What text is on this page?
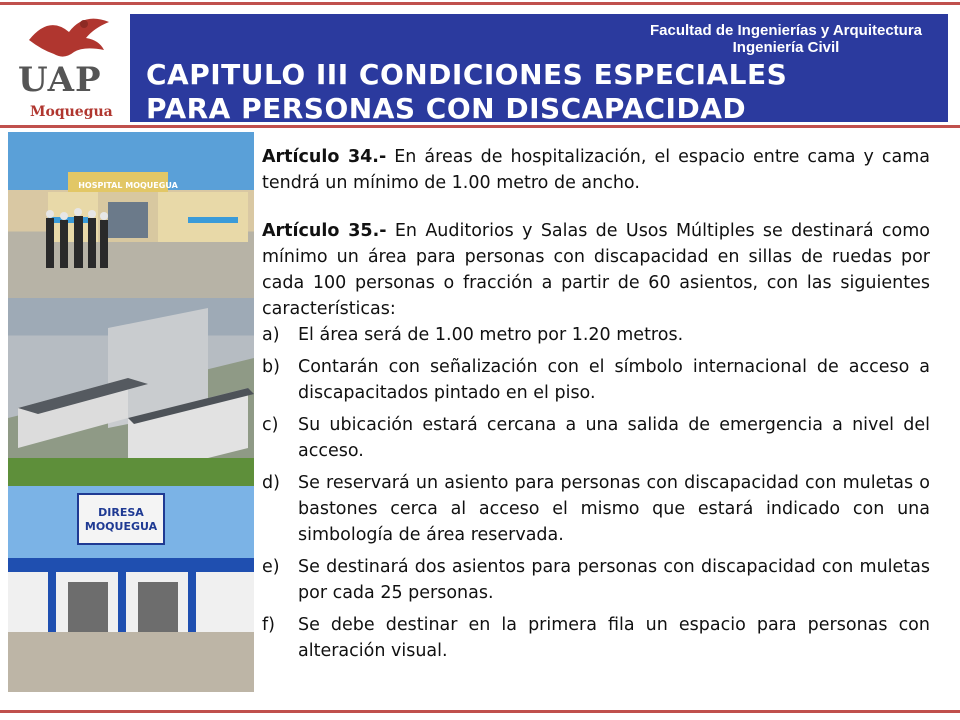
UAP
Moquegua
Facultad de Ingenierías y Arquitectura
Ingeniería Civil
CAPITULO III CONDICIONES ESPECIALES
PARA PERSONAS CON DISCAPACIDAD
HOSPITAL MOQUEGUA
DIRESA
MOQUEGUA

Artículo 34.- En áreas de hospitalización, el espacio entre cama y cama tendrá un mínimo de 1.00 metro de ancho.

Artículo 35.- En Auditorios y Salas de Usos Múltiples se destinará como mínimo un área para personas con discapacidad en sillas de ruedas por cada 100 personas o fracción a partir de 60 asientos, con las siguientes características:

a) El área será de 1.00 metro por 1.20 metros.
b) Contarán con señalización con el símbolo internacional de acceso a discapacitados pintado en el piso.
c) Su ubicación estará cercana a una salida de emergencia a nivel del acceso.
d) Se reservará un asiento para personas con discapacidad con muletas o bastones cerca al acceso el mismo que estará indicado con una simbología de área reservada.
e) Se destinará dos asientos para personas con discapacidad con muletas por cada 25 personas.
f) Se debe destinar en la primera fila un espacio para personas con alteración visual.
